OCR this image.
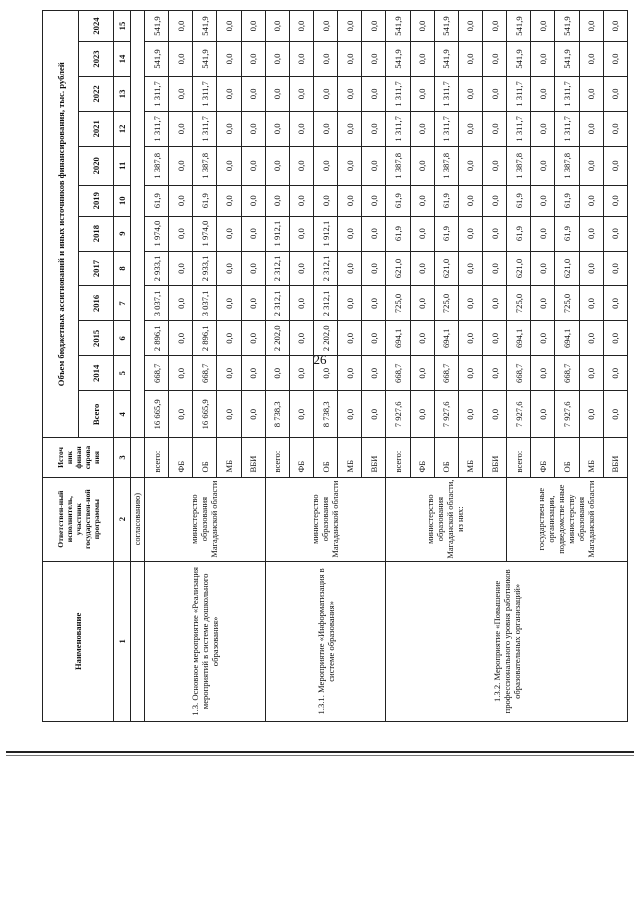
26
Наименование	Ответствен-ный исполнитель, участник государствен-ной программы	Источ ник финан сирова ния	Объем бюджетных ассигнований и иных источников финансирования, тыс. рублей											
			Всего	2014	2015	2016	2017	2018	2019	2020	2021	2022	2023	2024
1	2	3	4	5	6	7	8	9	10	11	12	13	14	15
	согласованию)													
1.3. Основное мероприятие «Реализация мероприятий в системе дошкольного образования»	министерство образования Магаданской области	всего:	16 665,9	668,7	2 896,1	3 037,1	2 933,1	1 974,0	61,9	1 387,8	1 311,7	1 311,7	541,9	541,9
		ФБ	0,0	0,0	0,0	0,0	0,0	0,0	0,0	0,0	0,0	0,0	0,0	0,0
		ОБ	16 665,9	668,7	2 896,1	3 037,1	2 933,1	1 974,0	61,9	1 387,8	1 311,7	1 311,7	541,9	541,9
		МБ	0,0	0,0	0,0	0,0	0,0	0,0	0,0	0,0	0,0	0,0	0,0	0,0
		ВБИ	0,0	0,0	0,0	0,0	0,0	0,0	0,0	0,0	0,0	0,0	0,0	0,0
1.3.1. Мероприятие «Информатизация в системе образования»	министерство образования Магаданской области	всего:	8 738,3	0,0	2 202,0	2 312,1	2 312,1	1 912,1	0,0	0,0	0,0	0,0	0,0	0,0
		ФБ	0,0	0,0	0,0	0,0	0,0	0,0	0,0	0,0	0,0	0,0	0,0	0,0
		ОБ	8 738,3	0,0	2 202,0	2 312,1	2 312,1	1 912,1	0,0	0,0	0,0	0,0	0,0	0,0
		МБ	0,0	0,0	0,0	0,0	0,0	0,0	0,0	0,0	0,0	0,0	0,0	0,0
		ВБИ	0,0	0,0	0,0	0,0	0,0	0,0	0,0	0,0	0,0	0,0	0,0	0,0
1.3.2. Мероприятие «Повышение профессионального уровня работников образовательных организаций»	министерство образования Магаданской области, из них:	всего:	7 927,6	668,7	694,1	725,0	621,0	61,9	61,9	1 387,8	1 311,7	1 311,7	541,9	541,9
		ФБ	0,0	0,0	0,0	0,0	0,0	0,0	0,0	0,0	0,0	0,0	0,0	0,0
		ОБ	7 927,6	668,7	694,1	725,0	621,0	61,9	61,9	1 387,8	1 311,7	1 311,7	541,9	541,9
		МБ	0,0	0,0	0,0	0,0	0,0	0,0	0,0	0,0	0,0	0,0	0,0	0,0
		ВБИ	0,0	0,0	0,0	0,0	0,0	0,0	0,0	0,0	0,0	0,0	0,0	0,0
	государствен ные организации, подведомстве нные министерству образования Магаданской области	всего:	7 927,6	668,7	694,1	725,0	621,0	61,9	61,9	1 387,8	1 311,7	1 311,7	541,9	541,9
		ФБ	0,0	0,0	0,0	0,0	0,0	0,0	0,0	0,0	0,0	0,0	0,0	0,0
		ОБ	7 927,6	668,7	694,1	725,0	621,0	61,9	61,9	1 387,8	1 311,7	1 311,7	541,9	541,9
		МБ	0,0	0,0	0,0	0,0	0,0	0,0	0,0	0,0	0,0	0,0	0,0	0,0
		ВБИ	0,0	0,0	0,0	0,0	0,0	0,0	0,0	0,0	0,0	0,0	0,0	0,0
